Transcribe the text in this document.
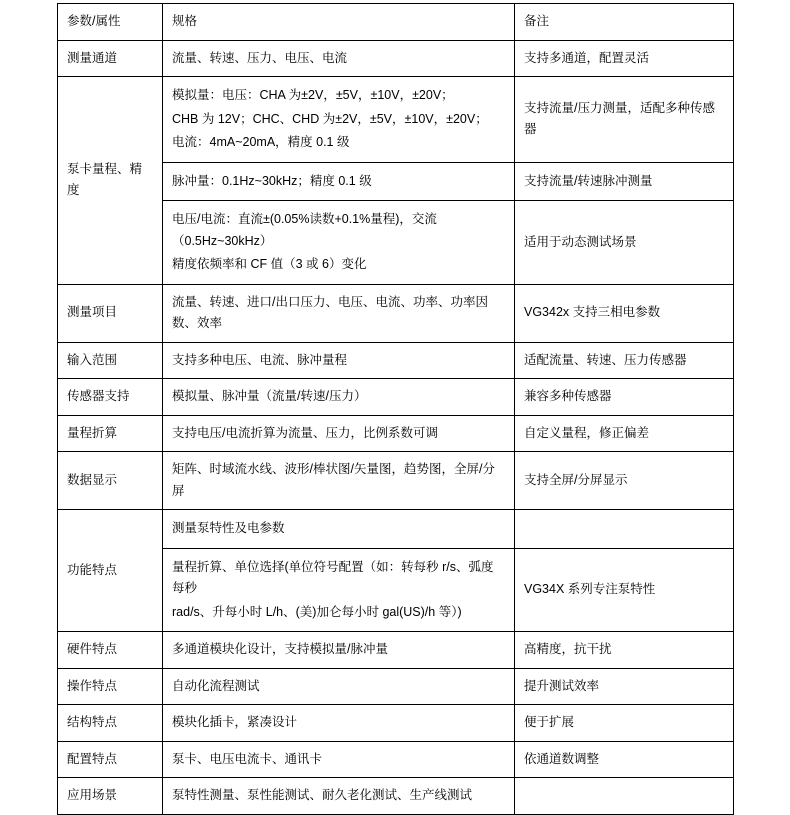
参数/属性	规格	备注
测量通道	流量、转速、压力、电压、电流	支持多通道，配置灵活
泵卡量程、精度	模拟量：电压：CHA 为±2V，±5V，±10V，±20V；
CHB 为 12V；CHC、CHD 为±2V，±5V，±10V，±20V；
电流：4mA~20mA，精度 0.1 级	支持流量/压力测量，适配多种传感器

	脉冲量：0.1Hz~30kHz；精度 0.1 级	支持流量/转速脉冲测量

	电压/电流：直流±(0.05%读数+0.1%量程)，交流（0.5Hz~30kHz）
精度依频率和 CF 值（3 或 6）变化	适用于动态测试场景
测量项目	流量、转速、进口/出口压力、电压、电流、功率、功率因数、效率	VG342x 支持三相电参数
输入范围	支持多种电压、电流、脉冲量程	适配流量、转速、压力传感器
传感器支持	模拟量、脉冲量（流量/转速/压力）	兼容多种传感器
量程折算	支持电压/电流折算为流量、压力，比例系数可调	自定义量程，修正偏差
数据显示	矩阵、时域流水线、波形/棒状图/矢量图，趋势图，全屏/分屏	支持全屏/分屏显示
功能特点	测量泵特性及电参数	

	量程折算、单位选择(单位符号配置（如：转每秒 r/s、弧度每秒
rad/s、升每小时 L/h、(美)加仑每小时 gal(US)/h 等）)	VG34X 系列专注泵特性
硬件特点	多通道模块化设计，支持模拟量/脉冲量	高精度，抗干扰
操作特点	自动化流程测试	提升测试效率
结构特点	模块化插卡，紧凑设计	便于扩展
配置特点	泵卡、电压电流卡、通讯卡	依通道数调整
应用场景	泵特性测量、泵性能测试、耐久老化测试、生产线测试	
